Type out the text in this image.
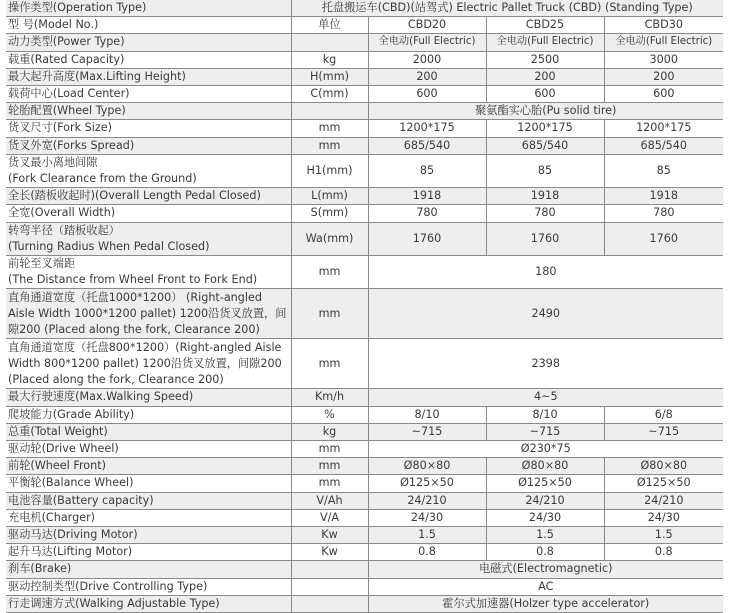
操作类型(Operation Type)	托盘搬运车(CBD)(站驾式) Electric Pallet Truck (CBD) (Standing Type)			
型 号(Model No.)	单位	CBD20	CBD25	CBD30
动力类型(Power Type)		全电动(Full Electric)	全电动(Full Electric)	全电动(Full Electric)
载重(Rated Capacity)	kg	2000	2500	3000
最大起升高度(Max.Lifting Height)	H(mm)	200	200	200
载荷中心(Load Center)	C(mm)	600	600	600
轮胎配置(Wheel Type)		聚氨酯实心胎(Pu solid tire)		
货叉尺寸(Fork Size)	mm	1200*175	1200*175	1200*175
货叉外宽(Forks Spread)	mm	685/540	685/540	685/540
货叉最小离地间隙
(Fork Clearance from the Ground)	H1(mm)	85	85	85
全长(踏板收起时)(Overall Length Pedal Closed)	L(mm)	1918	1918	1918
全宽(Overall Width)	S(mm)	780	780	780
转弯半径（踏板收起）
(Turning Radius When Pedal Closed)	Wa(mm)	1760	1760	1760
前轮至叉端距
(The Distance from Wheel Front to Fork End)	mm	180		
直角通道宽度（托盘1000*1200） (Right-angled Aisle Width 1000*1200 pallet) 1200沿货叉放置，间隙200 (Placed along the fork, Clearance 200)	mm	2490		
直角通道宽度（托盘800*1200）(Right-angled Aisle Width 800*1200 pallet) 1200沿货叉放置，间隙200 (Placed along the fork, Clearance 200)	mm	2398		
最大行驶速度(Max.Walking Speed)	Km/h	4~5		
爬坡能力(Grade Ability)	%	8/10	8/10	6/8
总重(Total Weight)	kg	~715	~715	~715
驱动轮(Drive Wheel)	mm	Ø230*75		
前轮(Wheel Front)	mm	Ø80×80	Ø80×80	Ø80×80
平衡轮(Balance Wheel)	mm	Ø125×50	Ø125×50	Ø125×50
电池容量(Battery capacity)	V/Ah	24/210	24/210	24/210
充电机(Charger)	V/A	24/30	24/30	24/30
驱动马达(Driving Motor)	Kw	1.5	1.5	1.5
起升马达(Lifting Motor)	Kw	0.8	0.8	0.8
刹车(Brake)		电磁式(Electromagnetic)		
驱动控制类型(Drive Controlling Type)		AC		
行走调速方式(Walking Adjustable Type)		霍尔式加速器(Holzer type accelerator)		
